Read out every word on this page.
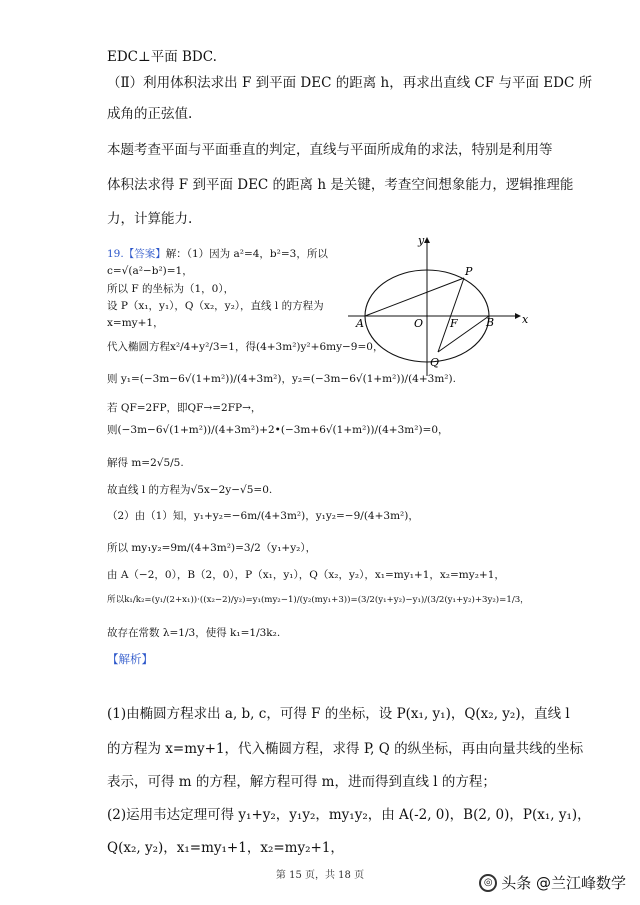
EDC⊥平面 BDC.
（Ⅱ）利用体积法求出 F 到平面 DEC 的距离 h，再求出直线 CF 与平面 EDC 所
成角的正弦值.
本题考查平面与平面垂直的判定，直线与平面所成角的求法，特别是利用等
体积法求得 F 到平面 DEC 的距离 h 是关键，考查空间想象能力，逻辑推理能
力，计算能力.
19.【答案】解：（1）因为 a²=4，b²=3，所以
c=√(a²−b²)=1，
所以 F 的坐标为（1，0），
设 P（x₁，y₁），Q（x₂，y₂），直线 l 的方程为
x=my+1，
代入椭圆方程x²/4+y²/3=1，得(4+3m²)y²+6my−9=0，
则 y₁=(−3m−6√(1+m²))/(4+3m²)，y₂=(−3m−6√(1+m²))/(4+3m²).
若 QF=2FP，即QF→=2FP→，
则(−3m−6√(1+m²))/(4+3m²)+2•(−3m+6√(1+m²))/(4+3m²)=0，
解得 m=2√5/5.
故直线 l 的方程为√5x−2y−√5=0.
（2）由（1）知，y₁+y₂=−6m/(4+3m²)，y₁y₂=−9/(4+3m²)，
所以 my₁y₂=9m/(4+3m²)=3/2（y₁+y₂），
由 A（−2，0），B（2，0），P（x₁，y₁），Q（x₂，y₂），x₁=my₁+1，x₂=my₂+1，
所以k₁/k₂=(y₁/(2+x₁))·((x₂−2)/y₂)=y₁(my₂−1)/(y₂(my₁+3))=(3/2(y₁+y₂)−y₁)/(3/2(y₁+y₂)+3y₂)=1/3，
故存在常数 λ=1/3，使得 k₁=1/3k₂.
【解析】
(1)由椭圆方程求出 a, b, c，可得 F 的坐标，设 P(x₁, y₁)，Q(x₂, y₂)，直线 l
的方程为 x=my+1，代入椭圆方程，求得 P, Q 的纵坐标，再由向量共线的坐标
表示，可得 m 的方程，解方程可得 m，进而得到直线 l 的方程；
(2)运用韦达定理可得 y₁+y₂，y₁y₂，my₁y₂，由 A(-2, 0)，B(2, 0)，P(x₁, y₁)，
Q(x₂, y₂)，x₁=my₁+1，x₂=my₂+1，
y
x
A	O F	B
P
Q
第 15 页，共 18 页
◎ 头条 @兰江峰数学
